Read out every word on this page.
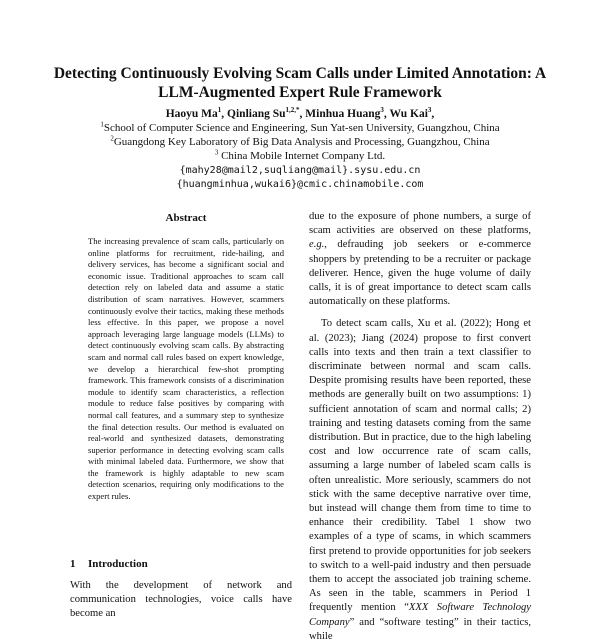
Detecting Continuously Evolving Scam Calls under Limited Annotation: A
LLM-Augmented Expert Rule Framework
Haoyu Ma$^1$, Qinliang $Su^{1,2,*}$, Minhua Huang$^3$, Wu Kai$^3$,
$^1$School of Computer Science and Engineering, Sun Yat-sen University, Guangzhou, China
$^2$Guangdong Key Laboratory of Big Data Analysis and Processing, Guangzhou, China
$^3$ China Mobile Internet Company Ltd.
{mahy28@mail2,suqliang@mail}.sysu.edu.cn
{huangminhua,wukai6}@cmic.chinamobile.com
Abstract

The increasing prevalence of scam calls, particularly on online platforms for recruitment, ride-hailing, and delivery services, has become a significant social and economic issue. Traditional approaches to scam call detection rely on labeled data and assume a static distribution of scam narratives. However, scammers continuously evolve their tactics, making these methods less effective. In this paper, we propose a novel approach leveraging large language models (LLMs) to detect continuously evolving scam calls. By abstracting scam and normal call rules based on expert knowledge, we develop a hierarchical few-shot prompting framework. This framework consists of a discrimination module to identify scam characteristics, a reflection module to reduce false positives by comparing with normal call features, and a summary step to synthesize the final detection results. Our method is evaluated on real-world and synthesized datasets, demonstrating superior performance in detecting evolving scam calls with minimal labeled data. Furthermore, we show that the framework is highly adaptable to new scam detection scenarios, requiring only modifications to the expert rules.

1 Introduction

With the development of network and communication technologies, voice calls have become an

due to the exposure of phone numbers, a surge of scam activities are observed on these platforms, e.g., defrauding job seekers or e-commerce shoppers by pretending to be a recruiter or package deliverer. Hence, given the huge volume of daily calls, it is of great importance to detect scam calls automatically on these platforms.

To detect scam calls, Xu et al. (2022); Hong et al. (2023); Jiang (2024) propose to first convert calls into texts and then train a text classifier to discriminate between normal and scam calls. Despite promising results have been reported, these methods are generally built on two assumptions: 1) sufficient annotation of scam and normal calls; 2) training and testing datasets coming from the same distribution. But in practice, due to the high labeling cost and low occurrence rate of scam calls, assuming a large number of labeled scam calls is often unrealistic. More seriously, scammers do not stick with the same deceptive narrative over time, but instead will change them from time to time to enhance their credibility. Tabel 1 show two examples of a type of scams, in which scammers first pretend to provide opportunities for job seekers to switch to a well-paid industry and then persuade them to accept the associated job training scheme. As seen in the table, scammers in Period 1 frequently mention “XXX Software Technology Company” and “software testing” in their tactics, while
